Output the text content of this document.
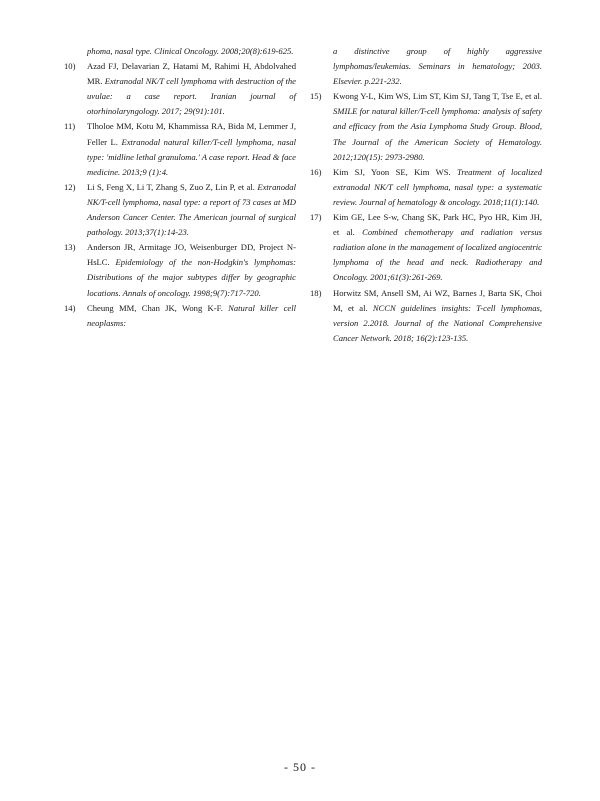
phoma, nasal type. Clinical Oncology. 2008;20(8):619-625.

10) Azad FJ, Delavarian Z, Hatami M, Rahimi H, Abdolvahed MR. Extranodal NK/T cell lymphoma with destruction of the uvulae: a case report. Iranian journal of otorhinolaryngology. 2017; 29(91):101.

11) Tlholoe MM, Kotu M, Khammissa RA, Bida M, Lemmer J, Feller L. Extranodal natural killer/T-cell lymphoma, nasal type: 'midline lethal granuloma.' A case report. Head & face medicine. 2013;9 (1):4.

12) Li S, Feng X, Li T, Zhang S, Zuo Z, Lin P, et al. Extranodal NK/T-cell lymphoma, nasal type: a report of 73 cases at MD Anderson Cancer Center. The American journal of surgical pathology. 2013;37(1):14-23.

13) Anderson JR, Armitage JO, Weisenburger DD, Project N-HsLC. Epidemiology of the non-Hodgkin's lymphomas: Distributions of the major subtypes differ by geographic locations. Annals of oncology. 1998;9(7):717-720.

14) Cheung MM, Chan JK, Wong K-F. Natural killer cell neoplasms:

a distinctive group of highly aggressive lymphomas/leukemias. Seminars in hematology; 2003. Elsevier. p.221-232.

15) Kwong Y-L, Kim WS, Lim ST, Kim SJ, Tang T, Tse E, et al. SMILE for natural killer/T-cell lymphoma: analysis of safety and efficacy from the Asia Lymphoma Study Group. Blood, The Journal of the American Society of Hematology. 2012;120(15): 2973-2980.

16) Kim SJ, Yoon SE, Kim WS. Treatment of localized extranodal NK/T cell lymphoma, nasal type: a systematic review. Journal of hematology & oncology. 2018;11(1):140.

17) Kim GE, Lee S-w, Chang SK, Park HC, Pyo HR, Kim JH, et al. Combined chemotherapy and radiation versus radiation alone in the management of localized angiocentric lymphoma of the head and neck. Radiotherapy and Oncology. 2001;61(3):261-269.

18) Horwitz SM, Ansell SM, Ai WZ, Barnes J, Barta SK, Choi M, et al. NCCN guidelines insights: T-cell lymphomas, version 2.2018. Journal of the National Comprehensive Cancer Network. 2018; 16(2):123-135.

- 50 -
